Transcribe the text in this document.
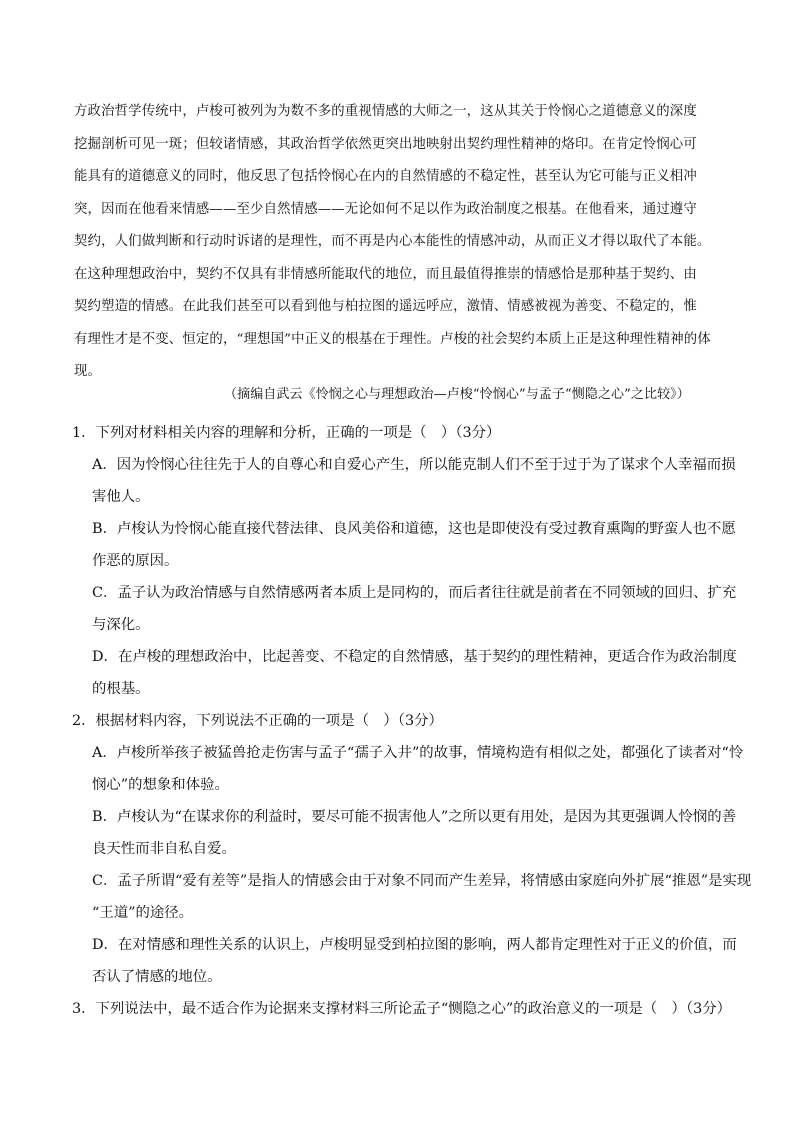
方政治哲学传统中，卢梭可被列为为数不多的重视情感的大师之一，这从其关于怜悯心之道德意义的深度
挖掘剖析可见一斑；但较诸情感，其政治哲学依然更突出地映射出契约理性精神的烙印。在肯定怜悯心可
能具有的道德意义的同时，他反思了包括怜悯心在内的自然情感的不稳定性，甚至认为它可能与正义相冲
突，因而在他看来情感——至少自然情感——无论如何不足以作为政治制度之根基。在他看来，通过遵守
契约，人们做判断和行动时诉诸的是理性，而不再是内心本能性的情感冲动，从而正义才得以取代了本能。
在这种理想政治中，契约不仅具有非情感所能取代的地位，而且最值得推崇的情感恰是那种基于契约、由
契约塑造的情感。在此我们甚至可以看到他与柏拉图的遥远呼应，激情、情感被视为善变、不稳定的，惟
有理性才是不变、恒定的，“理想国”中正义的根基在于理性。卢梭的社会契约本质上正是这种理性精神的体
现。
（摘编自武云《怜悯之心与理想政治—卢梭“怜悯心”与孟子“恻隐之心”之比较》）
1．下列对材料相关内容的理解和分析，正确的一项是（　）（3分）
A．因为怜悯心往往先于人的自尊心和自爱心产生，所以能克制人们不至于过于为了谋求个人幸福而损
害他人。
B．卢梭认为怜悯心能直接代替法律、良风美俗和道德，这也是即使没有受过教育熏陶的野蛮人也不愿
作恶的原因。
C．孟子认为政治情感与自然情感两者本质上是同构的，而后者往往就是前者在不同领域的回归、扩充
与深化。
D．在卢梭的理想政治中，比起善变、不稳定的自然情感，基于契约的理性精神，更适合作为政治制度
的根基。
2．根据材料内容，下列说法不正确的一项是（　）（3分）
A．卢梭所举孩子被猛兽抢走伤害与孟子“孺子入井”的故事，情境构造有相似之处，都强化了读者对“怜
悯心”的想象和体验。
B．卢梭认为“在谋求你的利益时，要尽可能不损害他人”之所以更有用处，是因为其更强调人怜悯的善
良天性而非自私自爱。
C．孟子所谓“爱有差等”是指人的情感会由于对象不同而产生差异，将情感由家庭向外扩展“推恩”是实现
“王道”的途径。
D．在对情感和理性关系的认识上，卢梭明显受到柏拉图的影响，两人都肯定理性对于正义的价值，而
否认了情感的地位。
3．下列说法中，最不适合作为论据来支撑材料三所论孟子“恻隐之心”的政治意义的一项是（　）（3分）
